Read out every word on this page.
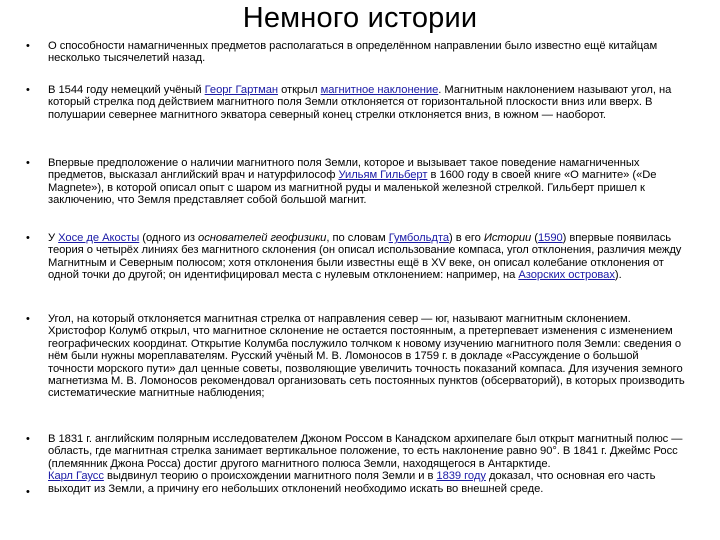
Немного истории
• О способности намагниченных предметов располагаться в определённом направлении было известно ещё китайцам несколько тысячелетий назад.

• В 1544 году немецкий учёный Георг Гартман открыл магнитное наклонение. Магнитным наклонением называют угол, на который стрелка под действием магнитного поля Земли отклоняется от горизонтальной плоскости вниз или вверх. В полушарии севернее магнитного экватора северный конец стрелки отклоняется вниз, в южном — наоборот.

• Впервые предположение о наличии магнитного поля Земли, которое и вызывает такое поведение намагниченных предметов, высказал английский врач и натурфилософ Уильям Гильберт в 1600 году в своей книге «О магните» («De Magnete»), в которой описал опыт с шаром из магнитной руды и маленькой железной стрелкой. Гильберт пришел к заключению, что Земля представляет собой большой магнит.

• У Хосе де Акосты (одного из основателей геофизики, по словам Гумбольдта) в его Истории (1590) впервые появилась теория о четырёх линиях без магнитного склонения (он описал использование компаса, угол отклонения, различия между Магнитным и Северным полюсом; хотя отклонения были известны ещё в XV веке, он описал колебание отклонения от одной точки до другой; он идентифицировал места с нулевым отклонением: например, на Азорских островах).

• Угол, на который отклоняется магнитная стрелка от направления север — юг, называют магнитным склонением. Христофор Колумб открыл, что магнитное склонение не остается постоянным, а претерпевает изменения с изменением географических координат. Открытие Колумба послужило толчком к новому изучению магнитного поля Земли: сведения о нём были нужны мореплавателям. Русский учёный М. В. Ломоносов в 1759 г. в докладе «Рассуждение о большой точности морского пути» дал ценные советы, позволяющие увеличить точность показаний компаса. Для изучения земного магнетизма М. В. Ломоносов рекомендовал организовать сеть постоянных пунктов (обсерваторий), в которых производить систематические магнитные наблюдения;

• В 1831 г. английским полярным исследователем Джоном Россом в Канадском архипелаге был открыт магнитный полюс — область, где магнитная стрелка занимает вертикальное положение, то есть наклонение равно 90°. В 1841 г. Джеймс Росс (племянник Джона Росса) достиг другого магнитного полюса Земли, находящегося в Антарктиде.
Карл Гаусс выдвинул теорию о происхождении магнитного поля Земли и в 1839 году доказал, что основная его часть выходит из Земли, а причину его небольших отклонений необходимо искать во внешней среде.

•
